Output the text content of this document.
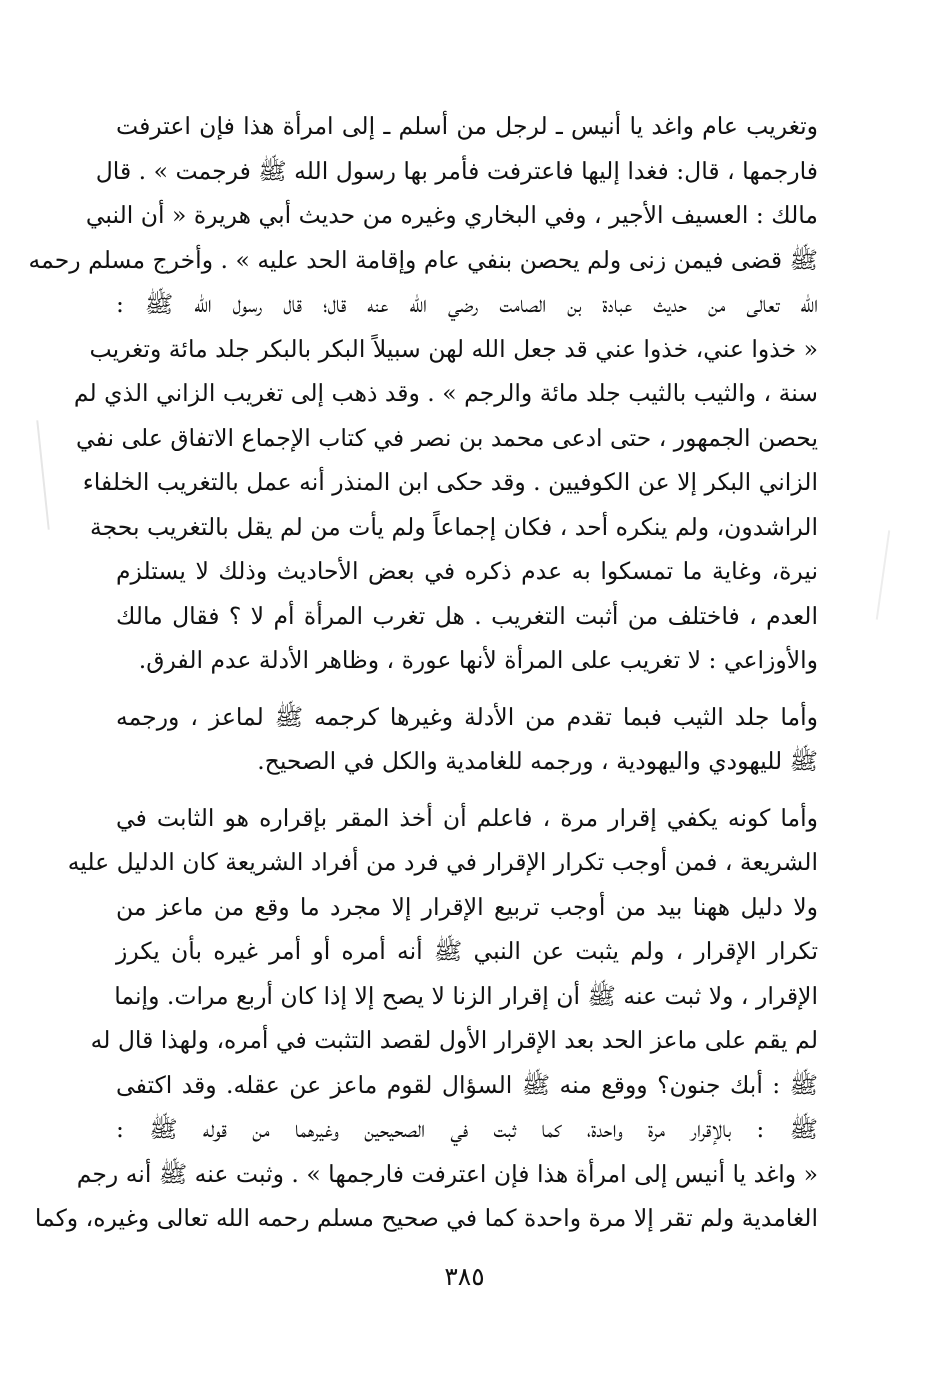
وتغريب عام واغد يا أنيس ـ لرجل من أسلم ـ إلى امرأة هذا فإن اعترفت
فارجمها ، قال: فغدا إليها فاعترفت فأمر بها رسول الله ﷺ فرجمت » . قال
مالك : العسيف الأجير ، وفي البخاري وغيره من حديث أبي هريرة « أن النبي
ﷺ قضى فيمن زنى ولم يحصن بنفي عام وإقامة الحد عليه » . وأخرج مسلم رحمه
الله تعالى من حديث عبادة بن الصامت رضي الله عنه قال؛ قال رسول الله ﷺ :
« خذوا عني، خذوا عني قد جعل الله لهن سبيلاً البكر بالبكر جلد مائة وتغريب
سنة ، والثيب بالثيب جلد مائة والرجم » . وقد ذهب إلى تغريب الزاني الذي لم
يحصن الجمهور ، حتى ادعى محمد بن نصر في كتاب الإجماع الاتفاق على نفي
الزاني البكر إلا عن الكوفيين . وقد حكى ابن المنذر أنه عمل بالتغريب الخلفاء
الراشدون، ولم ينكره أحد ، فكان إجماعاً ولم يأت من لم يقل بالتغريب بحجة
نيرة، وغاية ما تمسكوا به عدم ذكره في بعض الأحاديث وذلك لا يستلزم
العدم ، فاختلف من أثبت التغريب . هل تغرب المرأة أم لا ؟ فقال مالك
والأوزاعي : لا تغريب على المرأة لأنها عورة ، وظاهر الأدلة عدم الفرق.
وأما جلد الثيب فبما تقدم من الأدلة وغيرها كرجمه ﷺ لماعز ، ورجمه
ﷺ لليهودي واليهودية ، ورجمه للغامدية والكل في الصحيح.
وأما كونه يكفي إقرار مرة ، فاعلم أن أخذ المقر بإقراره هو الثابت في
الشريعة ، فمن أوجب تكرار الإقرار في فرد من أفراد الشريعة كان الدليل عليه
ولا دليل ههنا بيد من أوجب تربيع الإقرار إلا مجرد ما وقع من ماعز من
تكرار الإقرار ، ولم يثبت عن النبي ﷺ أنه أمره أو أمر غيره بأن يكرز
الإقرار ، ولا ثبت عنه ﷺ أن إقرار الزنا لا يصح إلا إذا كان أربع مرات. وإنما
لم يقم على ماعز الحد بعد الإقرار الأول لقصد التثبت في أمره، ولهذا قال له
ﷺ : أبك جنون؟ ووقع منه ﷺ السؤال لقوم ماعز عن عقله. وقد اكتفى
ﷺ : بالإقرار مرة واحدة، كما ثبت في الصحيحين وغيرهما من قوله ﷺ :
« واغد يا أنيس إلى امرأة هذا فإن اعترفت فارجمها » . وثبت عنه ﷺ أنه رجم
الغامدية ولم تقر إلا مرة واحدة كما في صحيح مسلم رحمه الله تعالى وغيره، وكما
٣٨٥
